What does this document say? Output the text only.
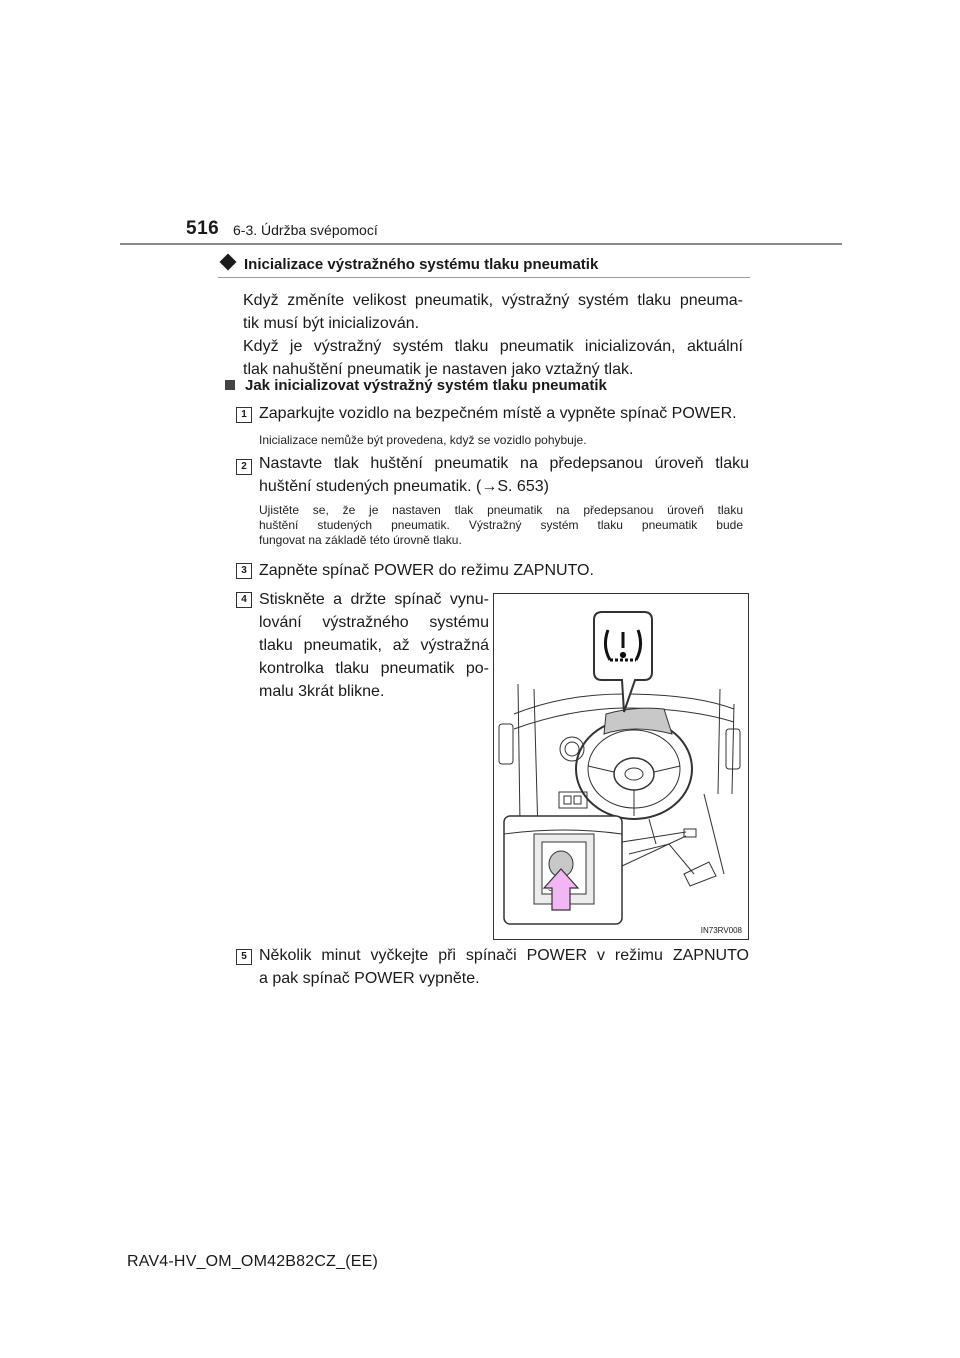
516 6-3. Údržba svépomocí
Inicializace výstražného systému tlaku pneumatik
Když změníte velikost pneumatik, výstražný systém tlaku pneuma-
tik musí být inicializován.
Když je výstražný systém tlaku pneumatik inicializován, aktuální
tlak nahuštění pneumatik je nastaven jako vztažný tlak.
Jak inicializovat výstražný systém tlaku pneumatik
1 Zaparkujte vozidlo na bezpečném místě a vypněte spínač POWER.
Inicializace nemůže být provedena, když se vozidlo pohybuje.
2 Nastavte tlak huštění pneumatik na předepsanou úroveň tlaku
huštění studených pneumatik. (→S. 653)
Ujistěte se, že je nastaven tlak pneumatik na předepsanou úroveň tlaku
huštění studených pneumatik. Výstražný systém tlaku pneumatik bude
fungovat na základě této úrovně tlaku.
3 Zapněte spínač POWER do režimu ZAPNUTO.
4 Stiskněte a držte spínač vynu-
lování výstražného systému
tlaku pneumatik, až výstražná
kontrolka tlaku pneumatik po-
malu 3krát blikne.
IN73RV008
5 Několik minut vyčkejte při spínači POWER v režimu ZAPNUTO
a pak spínač POWER vypněte.
RAV4-HV_OM_OM42B82CZ_(EE)
